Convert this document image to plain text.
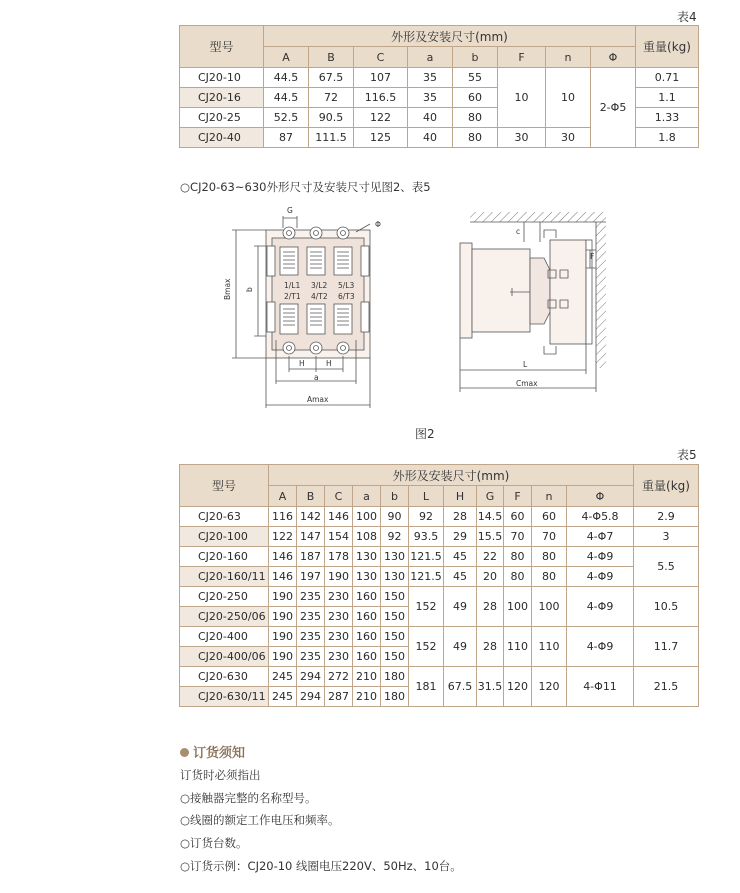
表4
型号	外形及安装尺寸(mm)								重量(kg)
	A	B	C	a	b	F	n	Φ	
CJ20-10	44.5	67.5	107	35	55	10	10	2-Φ5	0.71
CJ20-16	44.5	72	116.5	35	60				1.1
CJ20-25	52.5	90.5	122	40	80				1.33
CJ20-40	87	111.5	125	40	80	30	30		1.8
○CJ20-63~630外形尺寸及安装尺寸见图2、表5
G
Φ
Bmax b	1/L1 3/L2 5/L3
2/T1 4/T2 6/T3
H	H
a
Amax
c
F
L
Cmax
图2
表5
型号	外形及安装尺寸(mm)											重量(kg)
	A	B	C	a	b	L	H	G	F	n	Φ	
CJ20-63	116	142	146	100	90	92	28	14.5	60	60	4-Φ5.8	2.9
CJ20-100	122	147	154	108	92	93.5	29	15.5	70	70	4-Φ7	3
CJ20-160	146	187	178	130	130	121.5	45	22	80	80	4-Φ9	5.5
CJ20-160/11	146	197	190	130	130	121.5	45	20	80	80	4-Φ9	
CJ20-250	190	235	230	160	150	152	49	28	100	100	4-Φ9	10.5
CJ20-250/06	190	235	230	160	150							
CJ20-400	190	235	230	160	150	152	49	28	110	110	4-Φ9	11.7
CJ20-400/06	190	235	230	160	150							
CJ20-630	245	294	272	210	180	181	67.5	31.5	120	120	4-Φ11	21.5
CJ20-630/11	245	294	287	210	180							
订货须知
订货时必须指出
○接触器完整的名称型号。
○线圈的额定工作电压和频率。
○订货台数。
○订货示例：CJ20-10 线圈电压220V、50Hz、10台。
